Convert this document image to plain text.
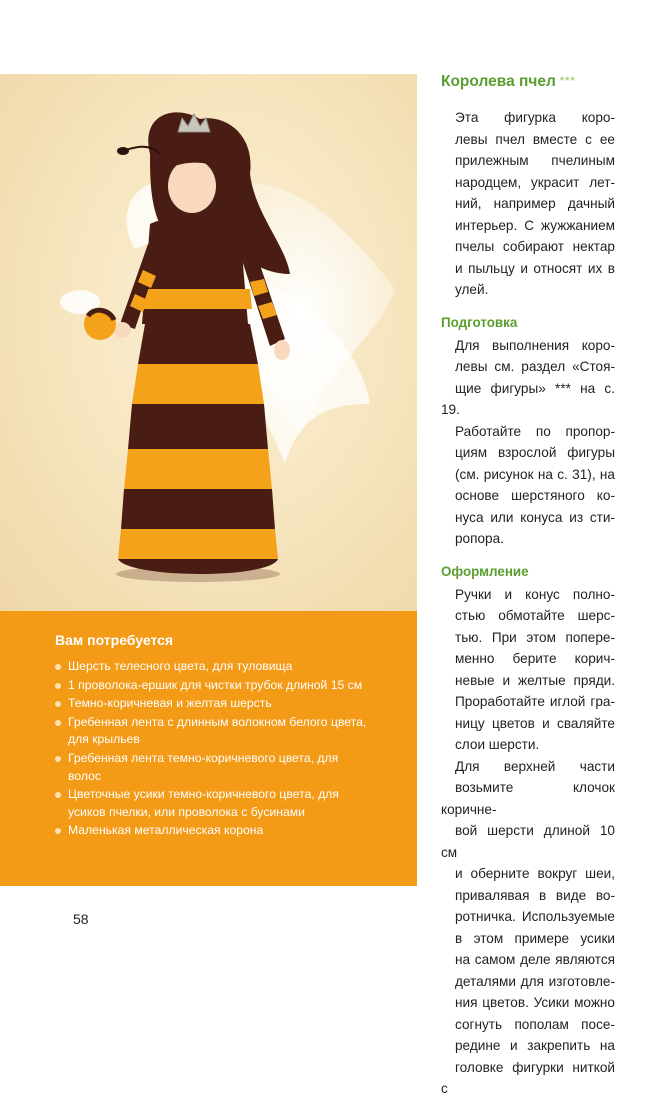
Вам потребуется
Шерсть телесного цвета, для туловища
1 проволока-ершик для чистки трубок длиной 15 см
Темно-коричневая и желтая шерсть
Гребенная лента с длинным волокном белого цвета, для крыльев
Гребенная лента темно-коричневого цвета, для волос
Цветочные усики темно-коричневого цвета, для усиков пчелки, или проволока с бусинами
Маленькая металлическая корона
Королева пчел ***

Эта фигурка коро-
левы пчел вместе с ее
прилежным пчелиным
народцем, украсит лет-
ний, например дачный
интерьер. С жужжанием
пчелы собирают нектар
и пыльцу и относят их в
улей.

Подготовка

Для выполнения коро-
левы см. раздел «Стоя-
щие фигуры» *** на с. 19.
Работайте по пропор-
циям взрослой фигуры
(см. рисунок на с. 31), на
основе шерстяного ко-
нуса или конуса из сти-
ропора.

Оформление

Ручки и конус полно-
стью обмотайте шерс-
тью. При этом попере-
менно берите корич-
невые и желтые пряди.
Проработайте иглой гра-
ницу цветов и сваляйте
слои шерсти.

Для верхней части
возьмите клочок коричне-
вой шерсти длиной 10 см
и оберните вокруг шеи,
привалявая в виде во-
ротничка. Используемые
в этом примере усики
на самом деле являются
деталями для изготовле-
ния цветов. Усики можно
согнуть пополам посе-
редине и закрепить на
головке фигурки ниткой с

58
